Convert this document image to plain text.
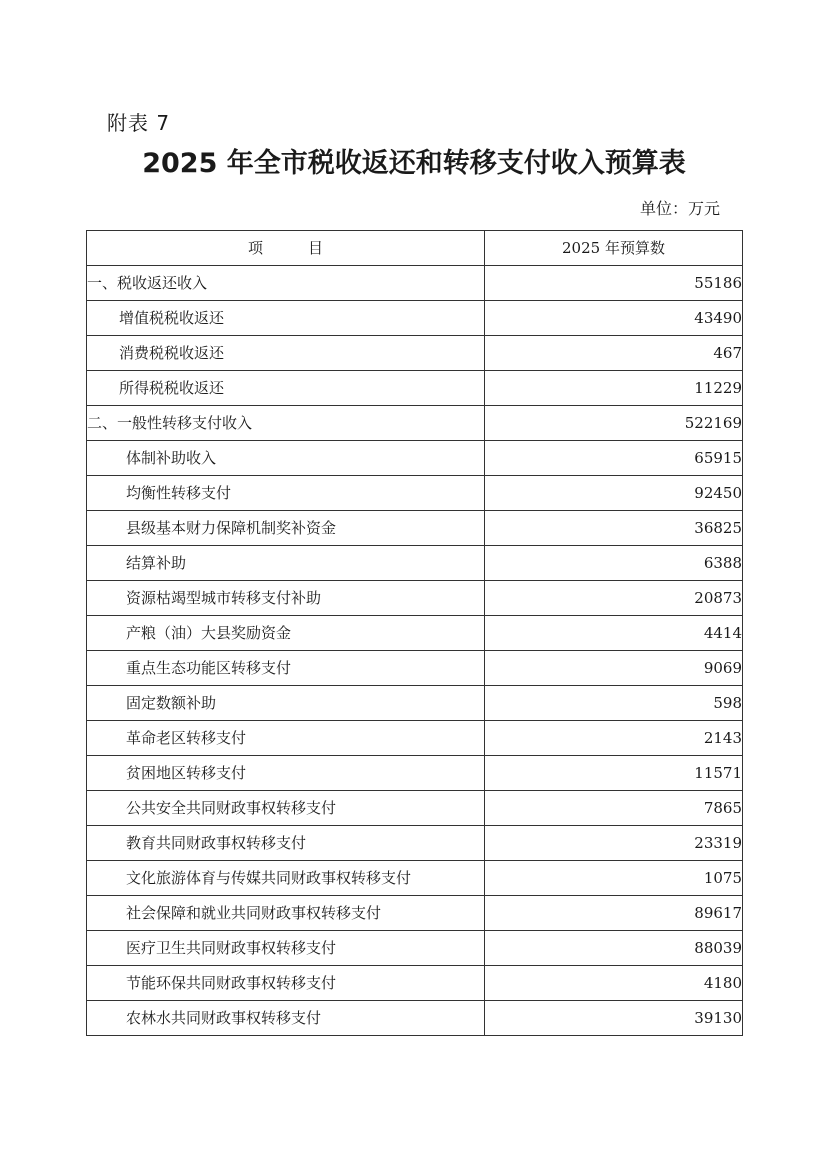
附表 7
2025 年全市税收返还和转移支付收入预算表
单位：万元
项　　　目	2025 年预算数
一、税收返还收入	55186
增值税税收返还	43490
消费税税收返还	467
所得税税收返还	11229
二、一般性转移支付收入	522169
体制补助收入	65915
均衡性转移支付	92450
县级基本财力保障机制奖补资金	36825
结算补助	6388
资源枯竭型城市转移支付补助	20873
产粮（油）大县奖励资金	4414
重点生态功能区转移支付	9069
固定数额补助	598
革命老区转移支付	2143
贫困地区转移支付	11571
公共安全共同财政事权转移支付	7865
教育共同财政事权转移支付	23319
文化旅游体育与传媒共同财政事权转移支付	1075
社会保障和就业共同财政事权转移支付	89617
医疗卫生共同财政事权转移支付	88039
节能环保共同财政事权转移支付	4180
农林水共同财政事权转移支付	39130
